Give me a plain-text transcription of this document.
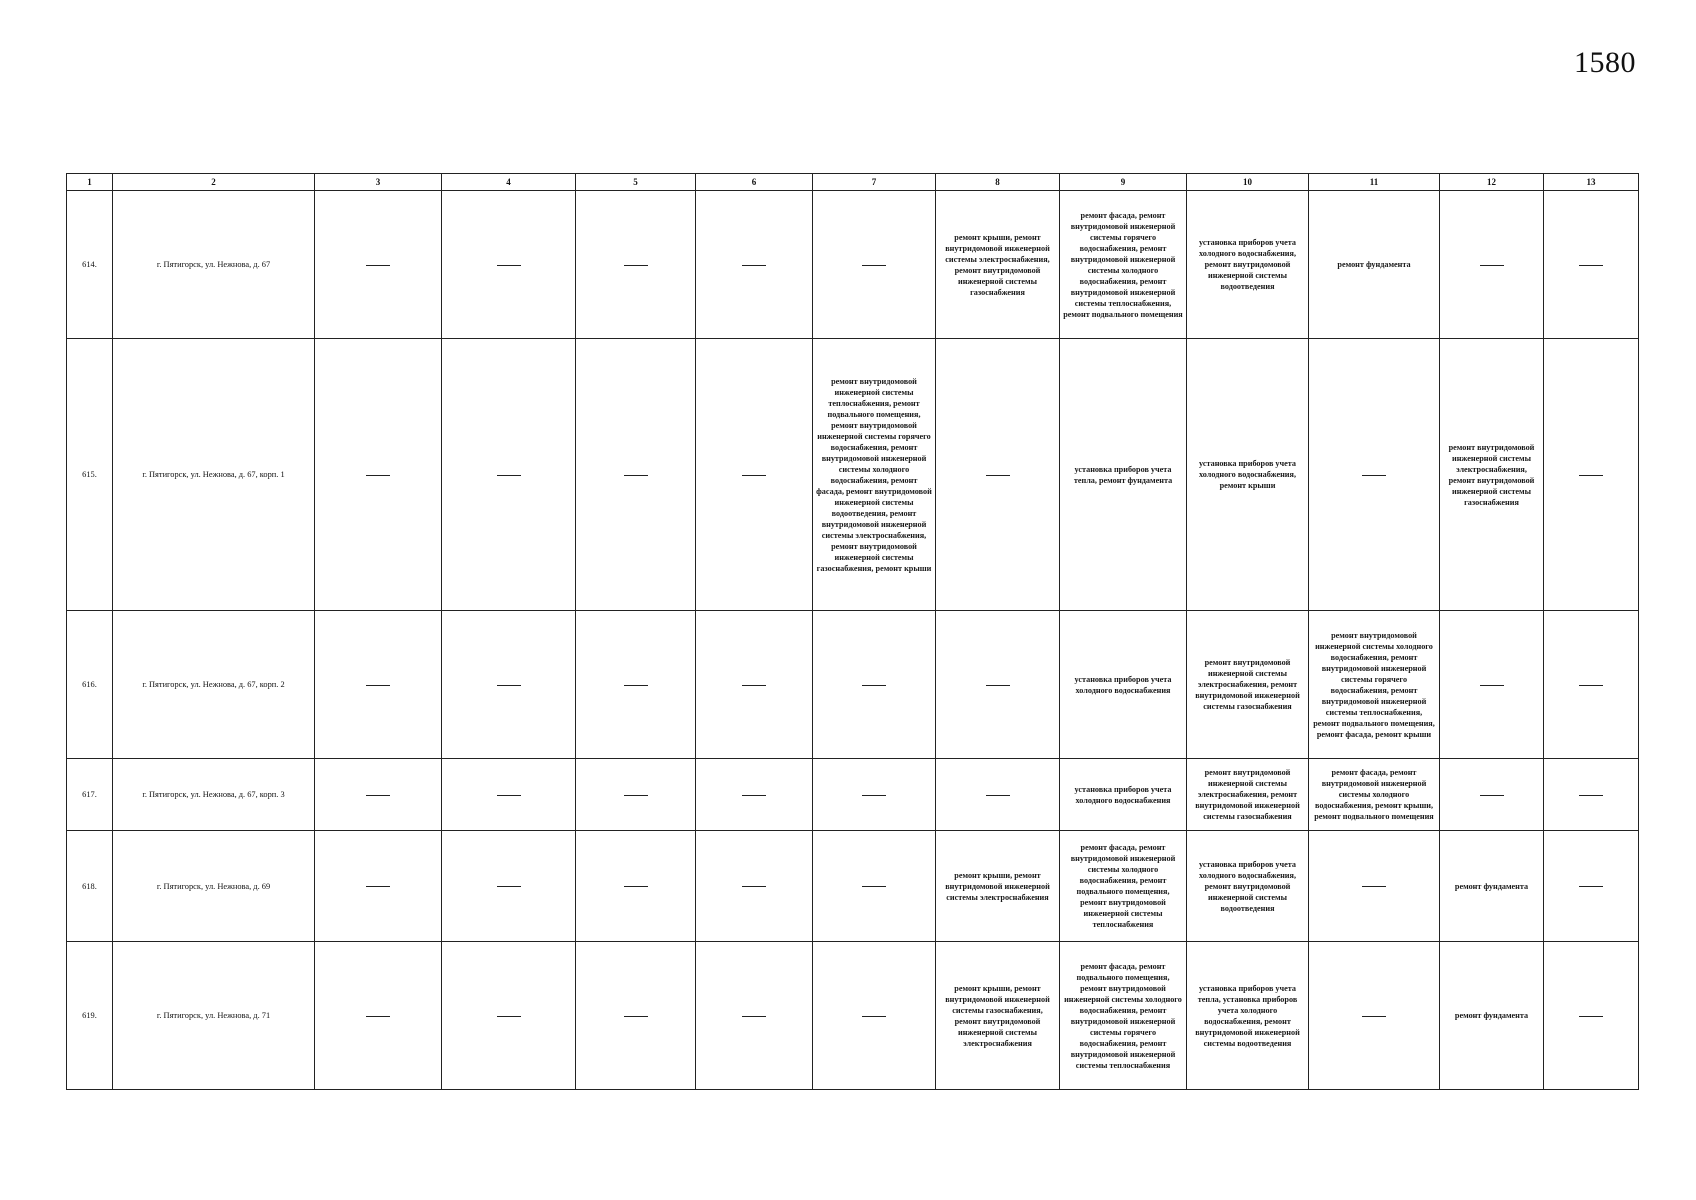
1580
1	2	3	4	5	6	7	8	9	10	11	12	13
614.	г. Пятигорск, ул. Нежнова, д. 67						ремонт крыши, ремонт внутридомовой инженерной системы электроснабжения, ремонт внутридомовой инженерной системы газоснабжения	ремонт фасада, ремонт внутридомовой инженерной системы горячего водоснабжения, ремонт внутридомовой инженерной системы холодного водоснабжения, ремонт внутридомовой инженерной системы теплоснабжения, ремонт подвального помещения	установка приборов учета холодного водоснабжения, ремонт внутридомовой инженерной системы водоотведения	ремонт фундамента		
615.	г. Пятигорск, ул. Нежнова, д. 67, корп. 1					ремонт внутридомовой инженерной системы теплоснабжения, ремонт подвального помещения, ремонт внутридомовой инженерной системы горячего водоснабжения, ремонт внутридомовой инженерной системы холодного водоснабжения, ремонт фасада, ремонт внутридомовой инженерной системы водоотведения, ремонт внутридомовой инженерной системы электроснабжения, ремонт внутридомовой инженерной системы газоснабжения, ремонт крыши		установка приборов учета тепла, ремонт фундамента	установка приборов учета холодного водоснабжения, ремонт крыши		ремонт внутридомовой инженерной системы электроснабжения, ремонт внутридомовой инженерной системы газоснабжения	
616.	г. Пятигорск, ул. Нежнова, д. 67, корп. 2							установка приборов учета холодного водоснабжения	ремонт внутридомовой инженерной системы электроснабжения, ремонт внутридомовой инженерной системы газоснабжения	ремонт внутридомовой инженерной системы холодного водоснабжения, ремонт внутридомовой инженерной системы горячего водоснабжения, ремонт внутридомовой инженерной системы теплоснабжения, ремонт подвального помещения, ремонт фасада, ремонт крыши		
617.	г. Пятигорск, ул. Нежнова, д. 67, корп. 3							установка приборов учета холодного водоснабжения	ремонт внутридомовой инженерной системы электроснабжения, ремонт внутридомовой инженерной системы газоснабжения	ремонт фасада, ремонт внутридомовой инженерной системы холодного водоснабжения, ремонт крыши, ремонт подвального помещения		
618.	г. Пятигорск, ул. Нежнова, д. 69						ремонт крыши, ремонт внутридомовой инженерной системы электроснабжения	ремонт фасада, ремонт внутридомовой инженерной системы холодного водоснабжения, ремонт подвального помещения, ремонт внутридомовой инженерной системы теплоснабжения	установка приборов учета холодного водоснабжения, ремонт внутридомовой инженерной системы водоотведения		ремонт фундамента	
619.	г. Пятигорск, ул. Нежнова, д. 71						ремонт крыши, ремонт внутридомовой инженерной системы газоснабжения, ремонт внутридомовой инженерной системы электроснабжения	ремонт фасада, ремонт подвального помещения, ремонт внутридомовой инженерной системы холодного водоснабжения, ремонт внутридомовой инженерной системы горячего водоснабжения, ремонт внутридомовой инженерной системы теплоснабжения	установка приборов учета тепла, установка приборов учета холодного водоснабжения, ремонт внутридомовой инженерной системы водоотведения		ремонт фундамента	
